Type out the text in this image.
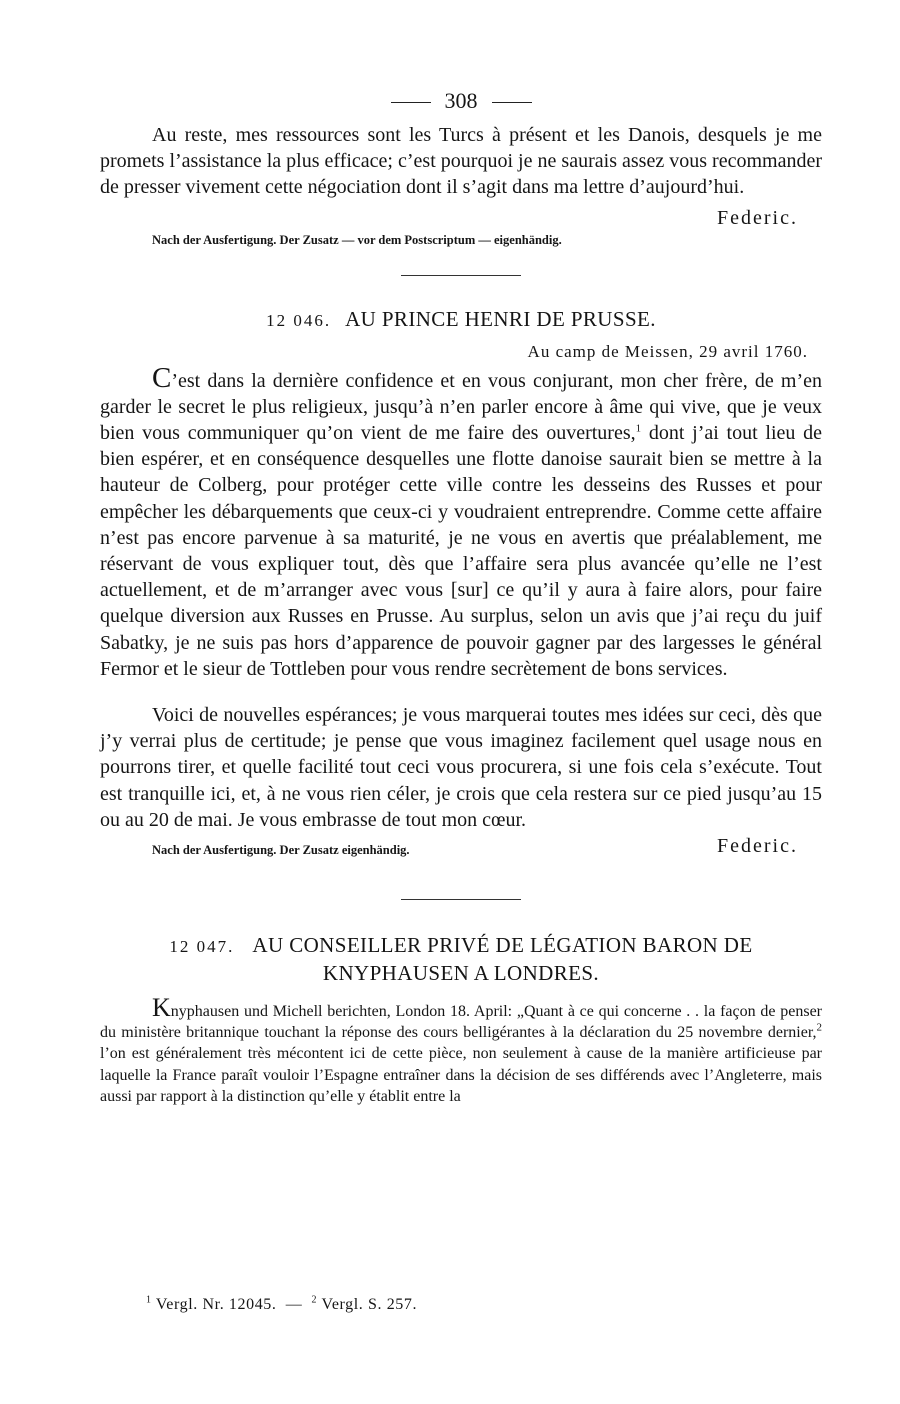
308

Au reste, mes ressources sont les Turcs à présent et les Danois, desquels je me promets l’assistance la plus efficace; c’est pourquoi je ne saurais assez vous recommander de presser vivement cette négociation dont il s’agit dans ma lettre d’aujourd’hui.

Federic.
Nach der Ausfertigung. Der Zusatz — vor dem Postscriptum — eigenhändig.
12 046. AU PRINCE HENRI DE PRUSSE.
Au camp de Meissen, 29 avril 1760.

C’est dans la dernière confidence et en vous conjurant, mon cher frère, de m’en garder le secret le plus religieux, jusqu’à n’en parler encore à âme qui vive, que je veux bien vous communiquer qu’on vient de me faire des ouvertures,$^1$ dont j’ai tout lieu de bien espérer, et en conséquence desquelles une flotte danoise saurait bien se mettre à la hauteur de Colberg, pour protéger cette ville contre les desseins des Russes et pour empêcher les débarquements que ceux-ci y voudraient entreprendre. Comme cette affaire n’est pas encore parvenue à sa maturité, je ne vous en avertis que préalablement, me réservant de vous expliquer tout, dès que l’affaire sera plus avancée qu’elle ne l’est actuellement, et de m’arranger avec vous [sur] ce qu’il y aura à faire alors, pour faire quelque diversion aux Russes en Prusse. Au surplus, selon un avis que j’ai reçu du juif Sabatky, je ne suis pas hors d’apparence de pouvoir gagner par des largesses le général Fermor et le sieur de Tottleben pour vous rendre secrètement de bons services.

Voici de nouvelles espérances; je vous marquerai toutes mes idées sur ceci, dès que j’y verrai plus de certitude; je pense que vous imaginez facilement quel usage nous en pourrons tirer, et quelle facilité tout ceci vous procurera, si une fois cela s’exécute. Tout est tranquille ici, et, à ne vous rien céler, je crois que cela restera sur ce pied jusqu’au 15 ou au 20 de mai. Je vous embrasse de tout mon cœur.

Nach der Ausfertigung. Der Zusatz eigenhändig.	Federic.
12 047. AU CONSEILLER PRIVÉ DE LÉGATION BARON DE KNYPHAUSEN A LONDRES.

Knyphausen und Michell berichten, London 18. April: „Quant à ce qui concerne . . la façon de penser du ministère britannique touchant la réponse des cours belligérantes à la déclaration du 25 novembre dernier,$^2$ l’on est généralement très mécontent ici de cette pièce, non seulement à cause de la manière artificieuse par laquelle la France paraît vouloir l’Espagne entraîner dans la décision de ses différends avec l’Angleterre, mais aussi par rapport à la distinction qu’elle y établit entre la

$^1$ Vergl. Nr. 12045. — $^2$ Vergl. S. 257.
